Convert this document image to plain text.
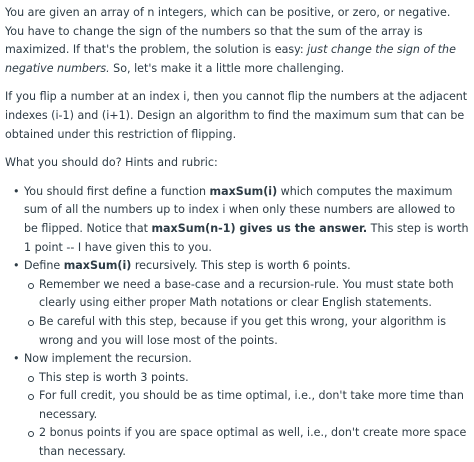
You are given an array of n integers, which can be positive, or zero, or negative. You have to change the sign of the numbers so that the sum of the array is maximized. If that's the problem, the solution is easy: just change the sign of the negative numbers. So, let's make it a little more challenging.

If you flip a number at an index i, then you cannot flip the numbers at the adjacent indexes (i-1) and (i+1). Design an algorithm to find the maximum sum that can be obtained under this restriction of flipping.

What you should do? Hints and rubric:

• You should first define a function maxSum(i) which computes the maximum sum of all the numbers up to index i when only these numbers are allowed to be flipped. Notice that maxSum(n-1) gives us the answer. This step is worth 1 point -- I have given this to you.
• Define maxSum(i) recursively. This step is worth 6 points.
Remember we need a base-case and a recursion-rule. You must state both clearly using either proper Math notations or clear English statements.
Be careful with this step, because if you get this wrong, your algorithm is wrong and you will lose most of the points.
• Now implement the recursion.
This step is worth 3 points.
For full credit, you should be as time optimal, i.e., don't take more time than necessary.
2 bonus points if you are space optimal as well, i.e., don't create more space than necessary.
